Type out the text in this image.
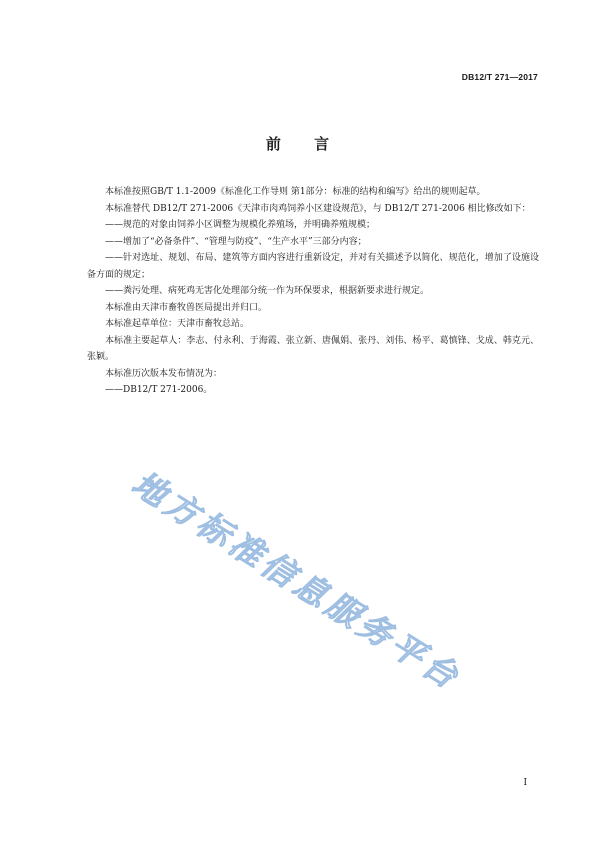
DB12/T 271—2017
前 言

本标准按照GB/T 1.1-2009《标准化工作导则 第1部分：标准的结构和编写》给出的规则起草。

本标准替代 DB12/T 271-2006《天津市肉鸡饲养小区建设规范》，与 DB12/T 271-2006 相比修改如下：

——规范的对象由饲养小区调整为规模化养殖场，并明确养殖规模；

——增加了“必备条件”、“管理与防疫”、“生产水平”三部分内容；

——针对选址、规划、布局、建筑等方面内容进行重新设定，并对有关描述予以简化、规范化，增加了设施设备方面的规定；

——粪污处理、病死鸡无害化处理部分统一作为环保要求，根据新要求进行规定。

本标准由天津市畜牧兽医局提出并归口。

本标准起草单位：天津市畜牧总站。

本标准主要起草人：李志、付永利、于海霞、张立新、唐佩娟、张丹、刘伟、杨平、葛慎锋、戈成、韩克元、张颖。

本标准历次版本发布情况为：

——DB12/T 271-2006。

地方标准信息服务平台
I
